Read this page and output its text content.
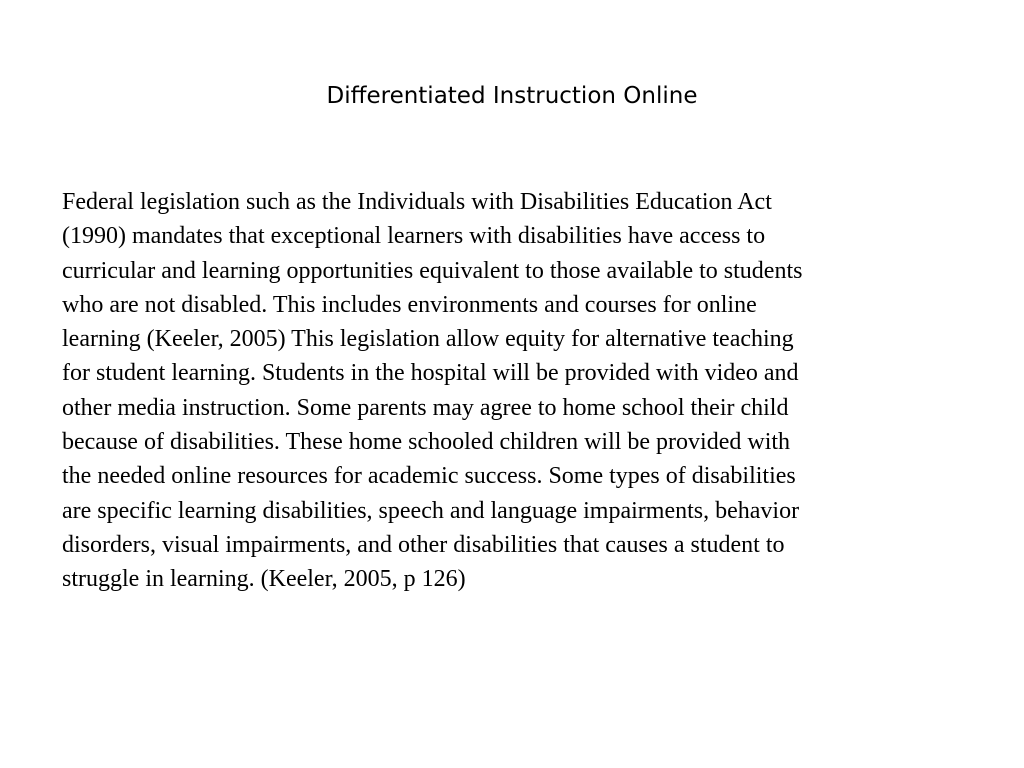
Differentiated Instruction Online

Federal legislation such as the Individuals with Disabilities Education Act
(1990) mandates that exceptional learners with disabilities have access to
curricular and learning opportunities equivalent to those available to students
who are not disabled. This includes environments and courses for online
learning (Keeler, 2005) This legislation allow equity for alternative teaching
for student learning. Students in the hospital will be provided with video and
other media instruction. Some parents may agree to home school their child
because of disabilities. These home schooled children will be provided with
the needed online resources for academic success. Some types of disabilities
are specific learning disabilities, speech and language impairments, behavior
disorders, visual impairments, and other disabilities that causes a student to
struggle in learning. (Keeler, 2005, p 126)
